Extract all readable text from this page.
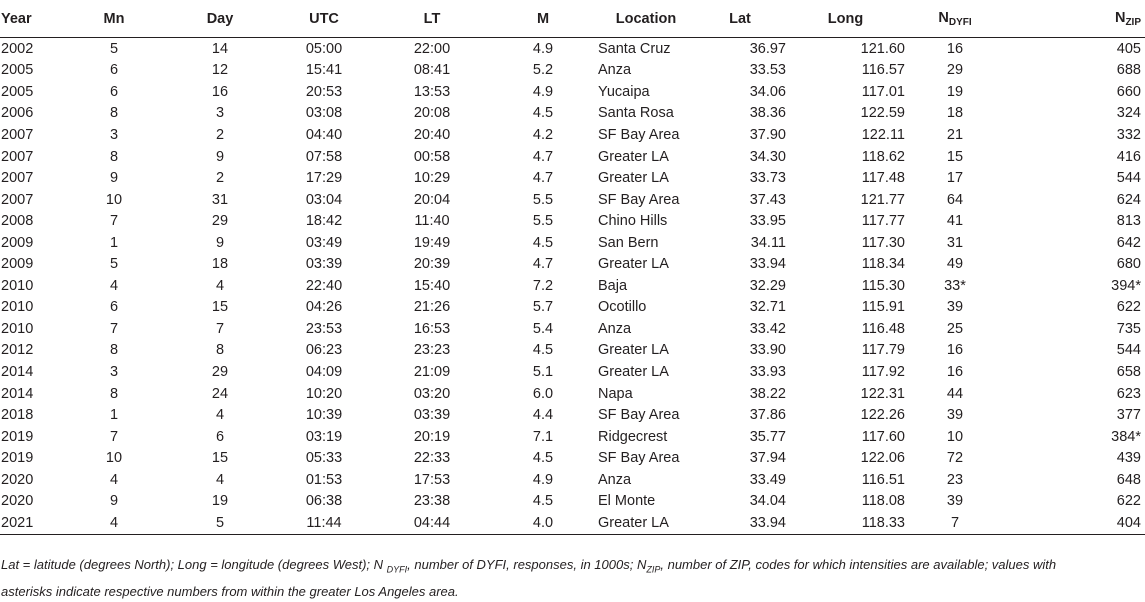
Year	Mn	Day	UTC	LT	M	Location	Lat	Long	$N_{DYFI}$	$N_{ZIP}$
2002	5	14	05:00	22:00	4.9	Santa Cruz	36.97	121.60	16	405
2005	6	12	15:41	08:41	5.2	Anza	33.53	116.57	29	688
2005	6	16	20:53	13:53	4.9	Yucaipa	34.06	117.01	19	660
2006	8	3	03:08	20:08	4.5	Santa Rosa	38.36	122.59	18	324
2007	3	2	04:40	20:40	4.2	SF Bay Area	37.90	122.11	21	332
2007	8	9	07:58	00:58	4.7	Greater LA	34.30	118.62	15	416
2007	9	2	17:29	10:29	4.7	Greater LA	33.73	117.48	17	544
2007	10	31	03:04	20:04	5.5	SF Bay Area	37.43	121.77	64	624
2008	7	29	18:42	11:40	5.5	Chino Hills	33.95	117.77	41	813
2009	1	9	03:49	19:49	4.5	San Bern	34.11	117.30	31	642
2009	5	18	03:39	20:39	4.7	Greater LA	33.94	118.34	49	680
2010	4	4	22:40	15:40	7.2	Baja	32.29	115.30	33*	394*
2010	6	15	04:26	21:26	5.7	Ocotillo	32.71	115.91	39	622
2010	7	7	23:53	16:53	5.4	Anza	33.42	116.48	25	735
2012	8	8	06:23	23:23	4.5	Greater LA	33.90	117.79	16	544
2014	3	29	04:09	21:09	5.1	Greater LA	33.93	117.92	16	658
2014	8	24	10:20	03:20	6.0	Napa	38.22	122.31	44	623
2018	1	4	10:39	03:39	4.4	SF Bay Area	37.86	122.26	39	377
2019	7	6	03:19	20:19	7.1	Ridgecrest	35.77	117.60	10	384*
2019	10	15	05:33	22:33	4.5	SF Bay Area	37.94	122.06	72	439
2020	4	4	01:53	17:53	4.9	Anza	33.49	116.51	23	648
2020	9	19	06:38	23:38	4.5	El Monte	34.04	118.08	39	622
2021	4	5	11:44	04:44	4.0	Greater LA	33.94	118.33	7	404
Lat = latitude (degrees North); Long = longitude (degrees West); N $_{DYFI}$, number of DYFI, responses, in 1000s; $N_{ZIP}$, number of ZIP, codes for which intensities are available; values with
asterisks indicate respective numbers from within the greater Los Angeles area.
